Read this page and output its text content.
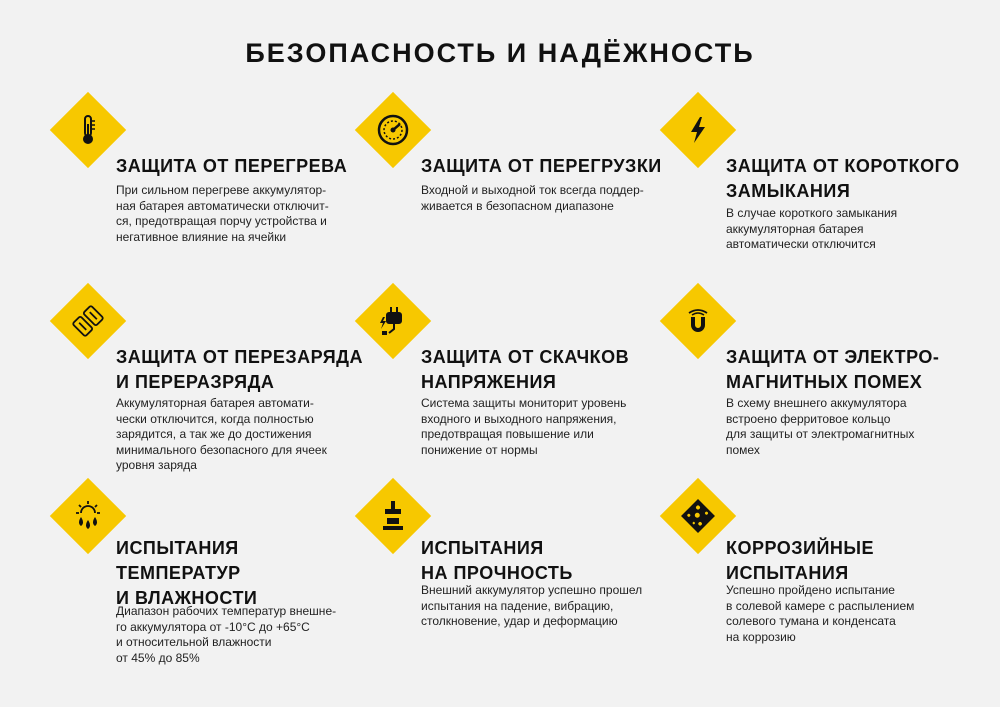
БЕЗОПАСНОСТЬ И НАДЁЖНОСТЬ
ЗАЩИТА ОТ ПЕРЕГРЕВА
При сильном перегреве аккумулятор-
ная батарея автоматически отключит-
ся, предотвращая порчу устройства и
негативное влияние на ячейки
ЗАЩИТА ОТ ПЕРЕГРУЗКИ
Входной и выходной ток всегда поддер-
живается в безопасном диапазоне
ЗАЩИТА ОТ КОРОТКОГО
ЗАМЫКАНИЯ
В случае короткого замыкания
аккумуляторная батарея
автоматически отключится
ЗАЩИТА ОТ ПЕРЕЗАРЯДА
И ПЕРЕРАЗРЯДА
Аккумуляторная батарея автомати-
чески отключится, когда полностью
зарядится, а так же до достижения
минимального безопасного для ячеек
уровня заряда
ЗАЩИТА ОТ СКАЧКОВ
НАПРЯЖЕНИЯ
Система защиты мониторит уровень
входного и выходного напряжения,
предотвращая повышение или
понижение от нормы
ЗАЩИТА ОТ ЭЛЕКТРО-
МАГНИТНЫХ ПОМЕХ
В схему внешнего аккумулятора
встроено ферритовое кольцо
для защиты от электромагнитных
помех
ИСПЫТАНИЯ
ТЕМПЕРАТУР
И ВЛАЖНОСТИ
Диапазон рабочих температур внешне-
го аккумулятора от -10°C до +65°C
и относительной влажности
от 45% до 85%
ИСПЫТАНИЯ
НА ПРОЧНОСТЬ
Внешний аккумулятор успешно прошел
испытания на падение, вибрацию,
столкновение, удар и деформацию
КОРРОЗИЙНЫЕ
ИСПЫТАНИЯ
Успешно пройдено испытание
в солевой камере с распылением
солевого тумана и конденсата
на коррозию
